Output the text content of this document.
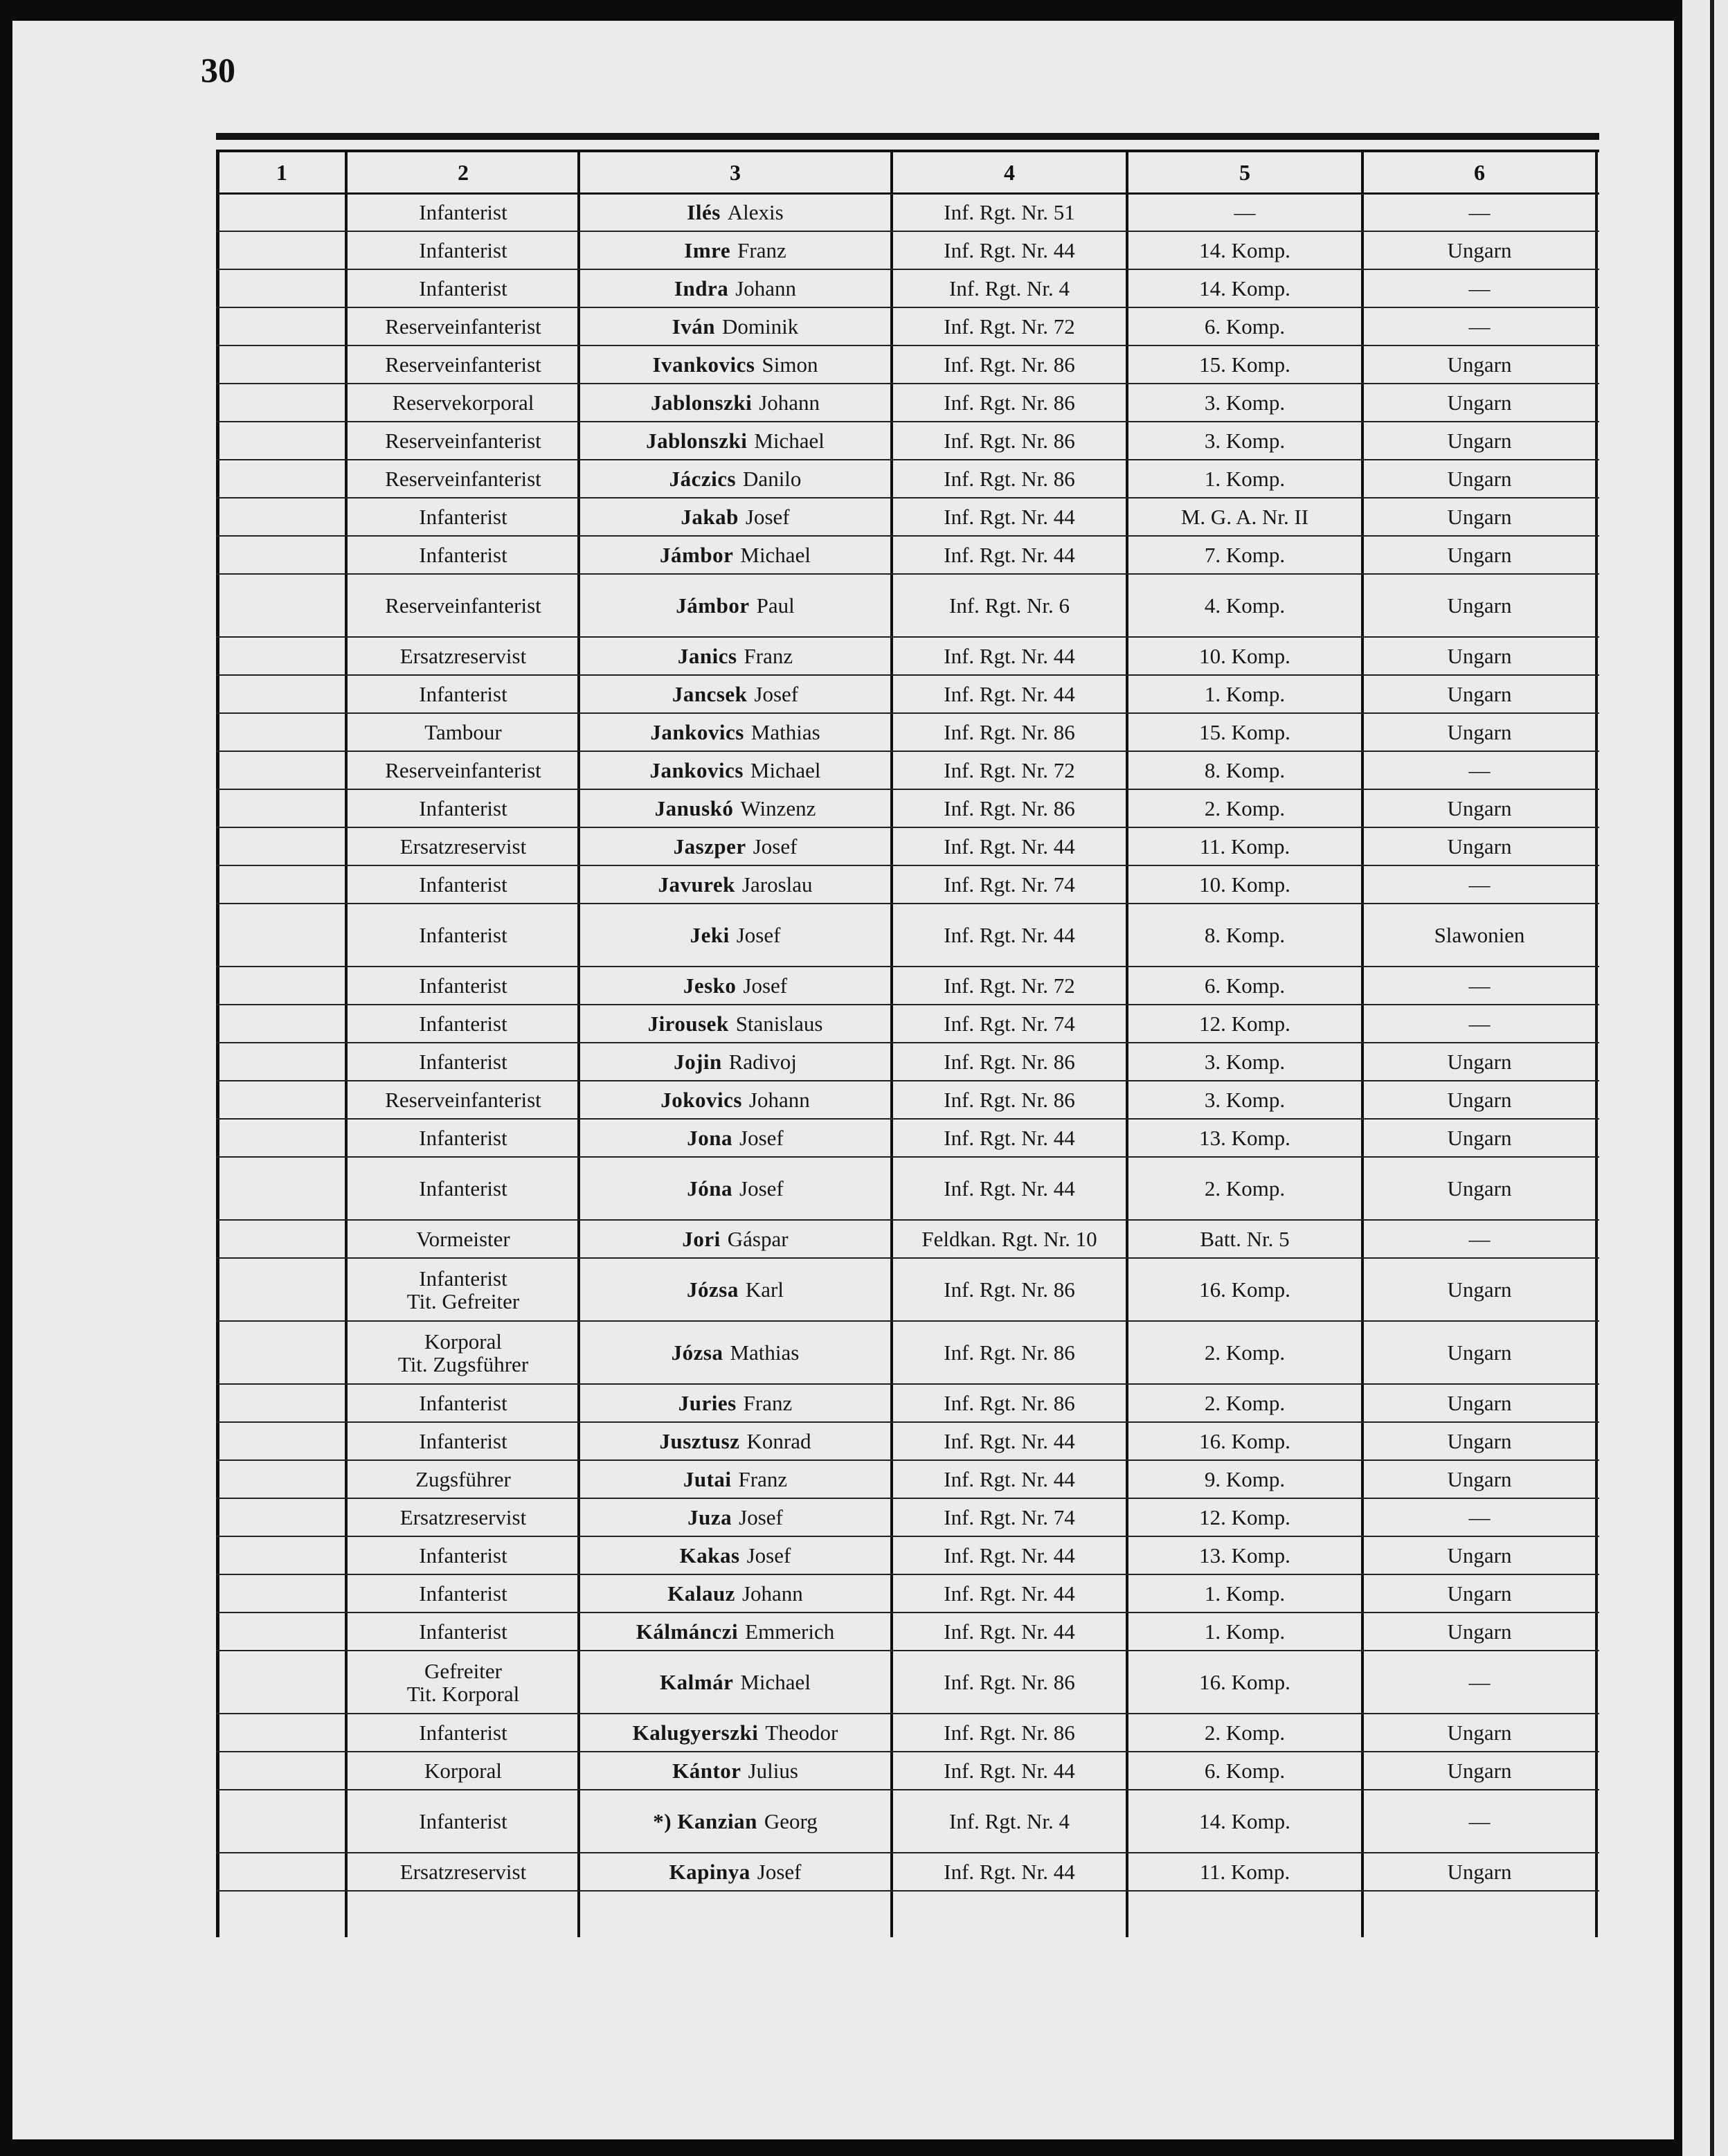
30
1	2	3	4	5	6
Infanterist	Ilés Alexis	Inf. Rgt. Nr. 51	—	—
Infanterist	Imre Franz	Inf. Rgt. Nr. 44	14. Komp.	Ungarn
Infanterist	Indra Johann	Inf. Rgt. Nr. 4	14. Komp.	—
Reserveinfanterist	Iván Dominik	Inf. Rgt. Nr. 72	6. Komp.	—
Reserveinfanterist	Ivankovics Simon	Inf. Rgt. Nr. 86	15. Komp.	Ungarn
Reservekorporal	Jablonszki Johann	Inf. Rgt. Nr. 86	3. Komp.	Ungarn
Reserveinfanterist	Jablonszki Michael	Inf. Rgt. Nr. 86	3. Komp.	Ungarn
Reserveinfanterist	Jáczics Danilo	Inf. Rgt. Nr. 86	1. Komp.	Ungarn
Infanterist	Jakab Josef	Inf. Rgt. Nr. 44	M. G. A. Nr. II	Ungarn
Infanterist	Jámbor Michael	Inf. Rgt. Nr. 44	7. Komp.	Ungarn
Reserveinfanterist	Jámbor Paul	Inf. Rgt. Nr. 6	4. Komp.	Ungarn
Ersatzreservist	Janics Franz	Inf. Rgt. Nr. 44	10. Komp.	Ungarn
Infanterist	Jancsek Josef	Inf. Rgt. Nr. 44	1. Komp.	Ungarn
Tambour	Jankovics Mathias	Inf. Rgt. Nr. 86	15. Komp.	Ungarn
Reserveinfanterist	Jankovics Michael	Inf. Rgt. Nr. 72	8. Komp.	—
Infanterist	Januskó Winzenz	Inf. Rgt. Nr. 86	2. Komp.	Ungarn
Ersatzreservist	Jaszper Josef	Inf. Rgt. Nr. 44	11. Komp.	Ungarn
Infanterist	Javurek Jaroslau	Inf. Rgt. Nr. 74	10. Komp.	—
Infanterist	Jeki Josef	Inf. Rgt. Nr. 44	8. Komp.	Slawonien
Infanterist	Jesko Josef	Inf. Rgt. Nr. 72	6. Komp.	—
Infanterist	Jirousek Stanislaus	Inf. Rgt. Nr. 74	12. Komp.	—
Infanterist	Jojin Radivoj	Inf. Rgt. Nr. 86	3. Komp.	Ungarn
Reserveinfanterist	Jokovics Johann	Inf. Rgt. Nr. 86	3. Komp.	Ungarn
Infanterist	Jona Josef	Inf. Rgt. Nr. 44	13. Komp.	Ungarn
Infanterist	Jóna Josef	Inf. Rgt. Nr. 44	2. Komp.	Ungarn
Vormeister	Jori Gáspar	Feldkan. Rgt. Nr. 10	Batt. Nr. 5	—
Infanterist
Tit. Gefreiter	Józsa Karl	Inf. Rgt. Nr. 86	16. Komp.	Ungarn
Korporal
Tit. Zugsführer	Józsa Mathias	Inf. Rgt. Nr. 86	2. Komp.	Ungarn
Infanterist	Juries Franz	Inf. Rgt. Nr. 86	2. Komp.	Ungarn
Infanterist	Jusztusz Konrad	Inf. Rgt. Nr. 44	16. Komp.	Ungarn
Zugsführer	Jutai Franz	Inf. Rgt. Nr. 44	9. Komp.	Ungarn
Ersatzreservist	Juza Josef	Inf. Rgt. Nr. 74	12. Komp.	—
Infanterist	Kakas Josef	Inf. Rgt. Nr. 44	13. Komp.	Ungarn
Infanterist	Kalauz Johann	Inf. Rgt. Nr. 44	1. Komp.	Ungarn
Infanterist	Kálmánczi Emmerich	Inf. Rgt. Nr. 44	1. Komp.	Ungarn
Gefreiter
Tit. Korporal	Kalmár Michael	Inf. Rgt. Nr. 86	16. Komp.	—
Infanterist	Kalugyerszki Theodor	Inf. Rgt. Nr. 86	2. Komp.	Ungarn
Korporal	Kántor Julius	Inf. Rgt. Nr. 44	6. Komp.	Ungarn
Infanterist	*) Kanzian Georg	Inf. Rgt. Nr. 4	14. Komp.	—
Ersatzreservist	Kapinya Josef	Inf. Rgt. Nr. 44	11. Komp.	Ungarn
